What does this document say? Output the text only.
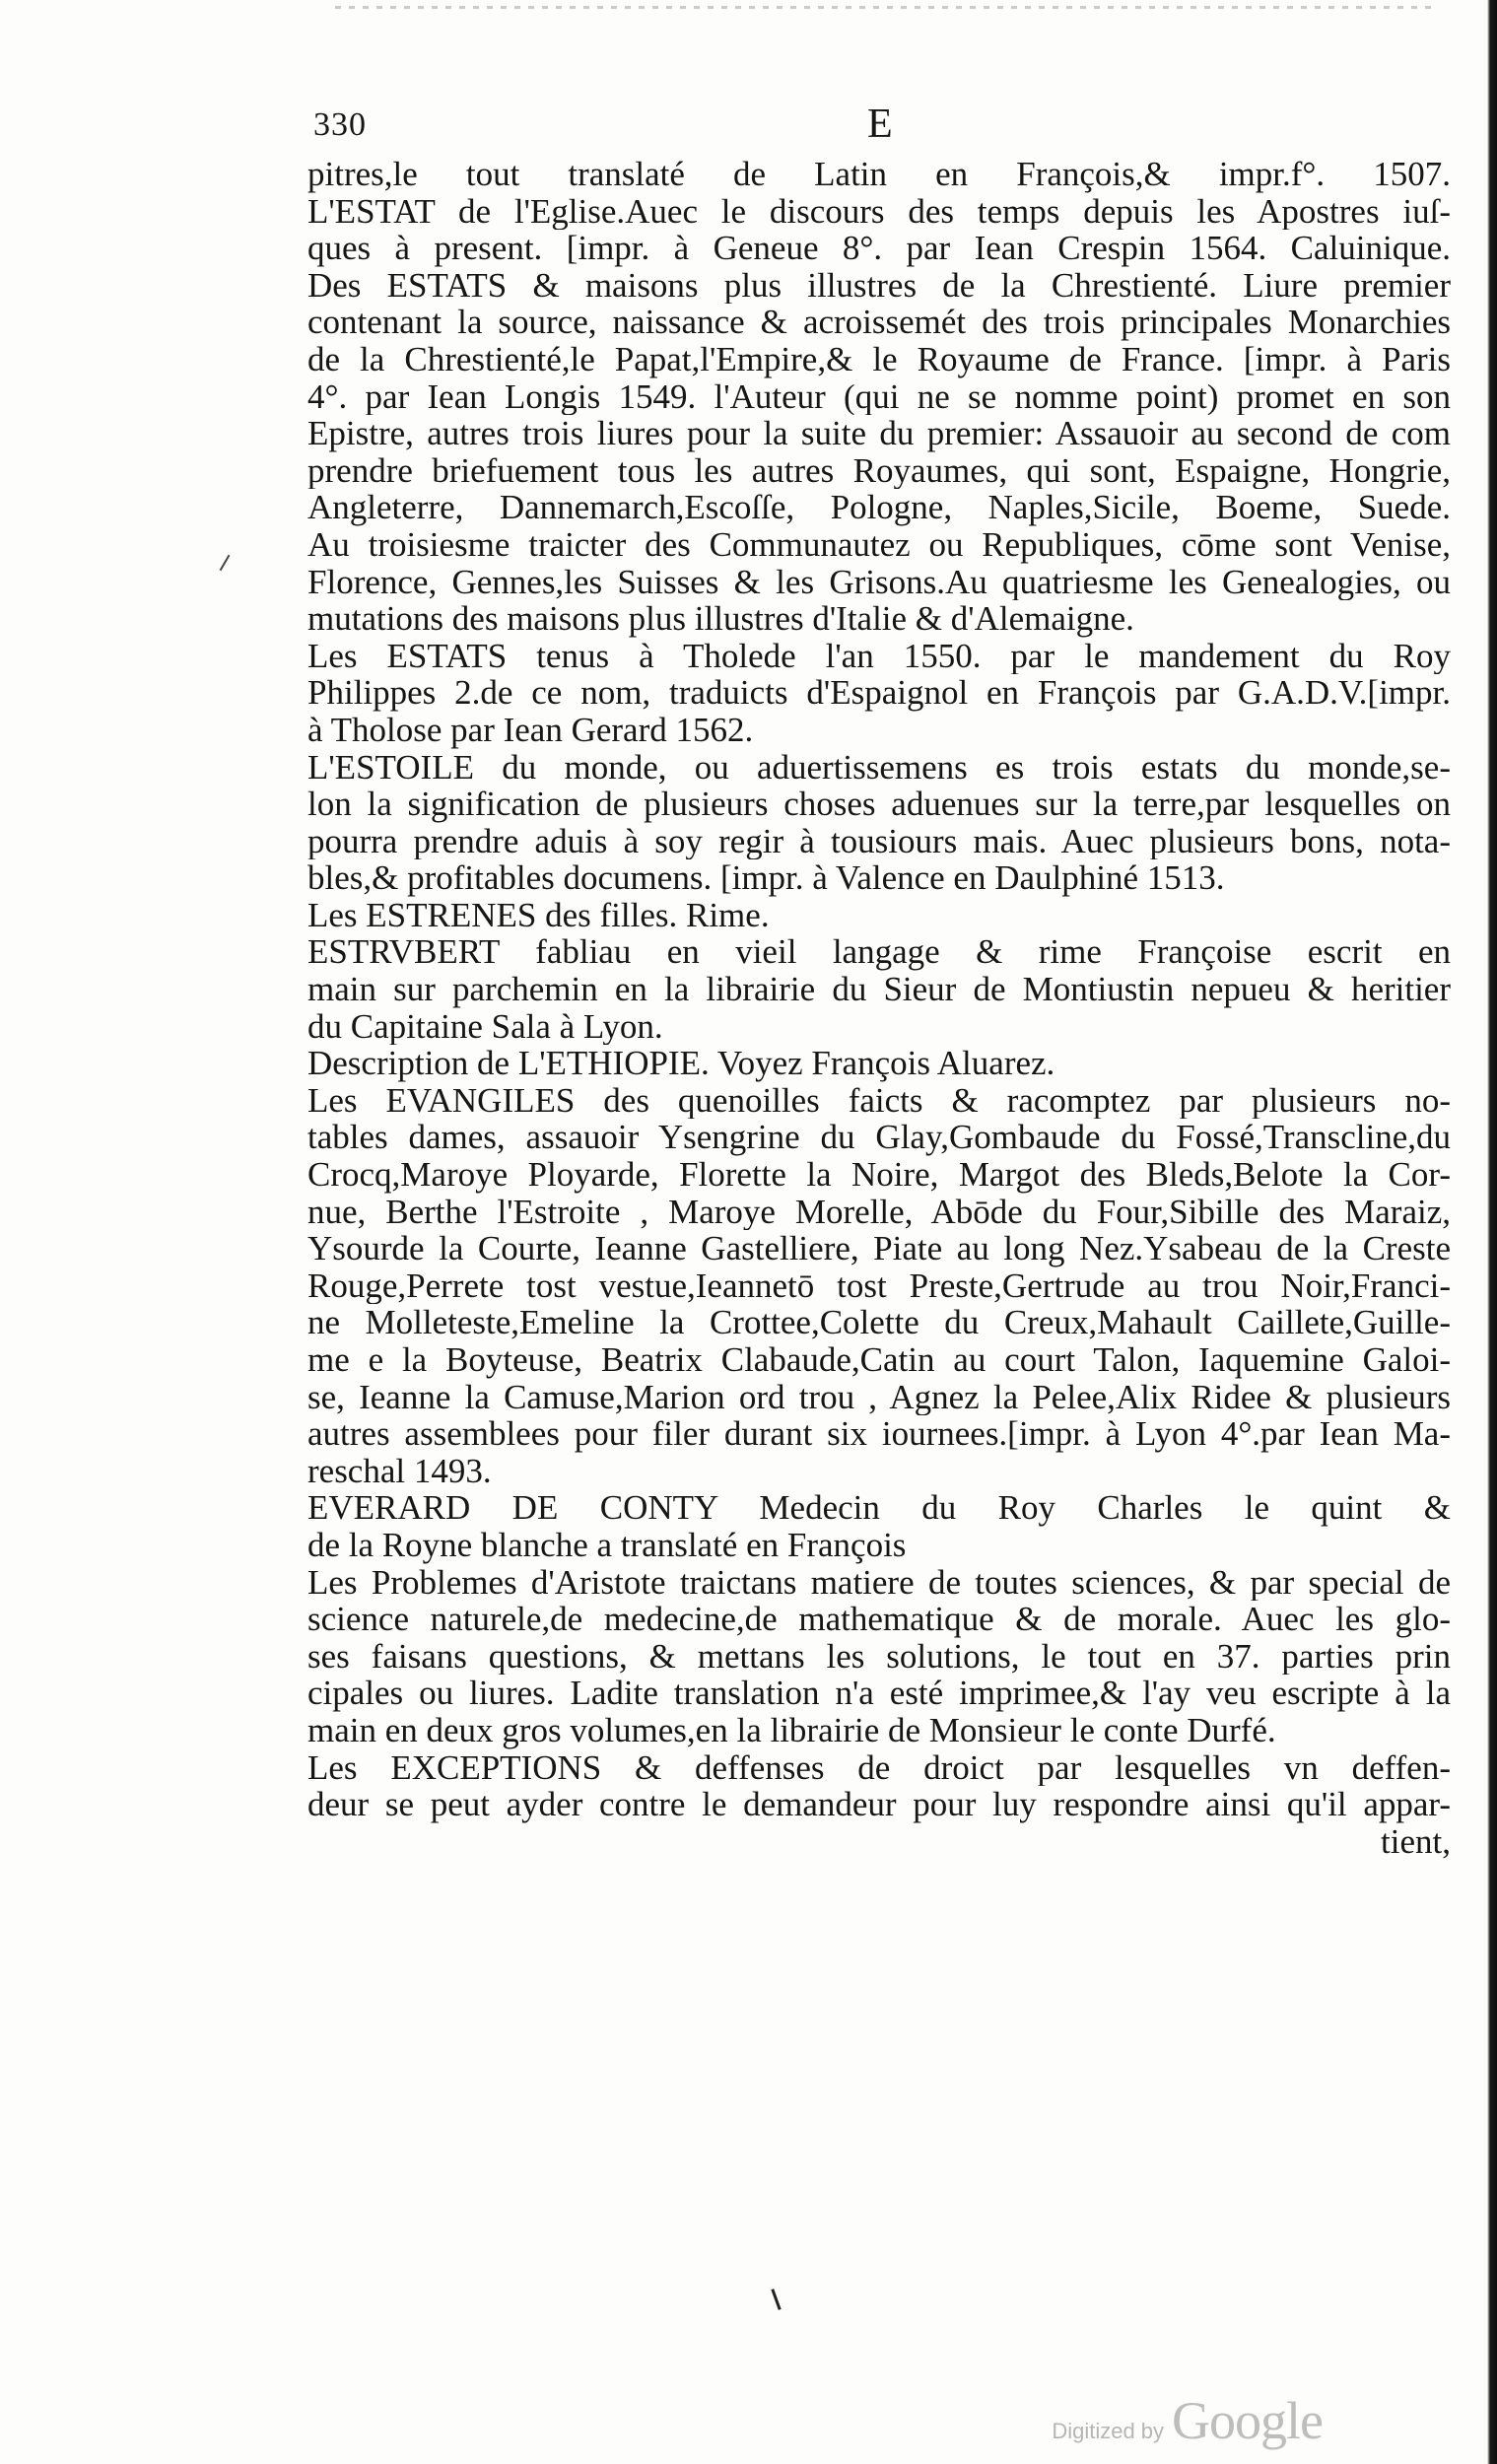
330	E
pitres,le tout translaté de Latin en François,& impr.f°. 1507.
L'ESTAT de l'Eglise.Auec le discours des temps depuis les Apostres iuſ-
ques à present. [impr. à Geneue 8°. par Iean Crespin 1564. Caluinique.
Des ESTATS & maisons plus illustres de la Chrestienté. Liure premier
contenant la source, naissance & acroissemét des trois principales Monarchies
de la Chrestienté,le Papat,l'Empire,& le Royaume de France. [impr. à Paris
4°. par Iean Longis 1549. l'Auteur (qui ne se nomme point) promet en son
Epistre, autres trois liures pour la suite du premier: Assauoir au second de com
prendre briefuement tous les autres Royaumes, qui sont, Espaigne, Hongrie,
Angleterre, Dannemarch,Escoſſe, Pologne, Naples,Sicile, Boeme, Suede.
Au troisiesme traicter des Communautez ou Republiques, cōme sont Venise,
Florence, Gennes,les Suisses & les Grisons.Au quatriesme les Genealogies, ou
mutations des maisons plus illustres d'Italie & d'Alemaigne.
Les ESTATS tenus à Tholede l'an 1550. par le mandement du Roy
Philippes 2.de ce nom, traduicts d'Espaignol en François par G.A.D.V.[impr.
à Tholose par Iean Gerard 1562.
L'ESTOILE du monde, ou aduertissemens es trois estats du monde,se-
lon la signification de plusieurs choses aduenues sur la terre,par lesquelles on
pourra prendre aduis à soy regir à tousiours mais. Auec plusieurs bons, nota-
bles,& profitables documens. [impr. à Valence en Daulphiné 1513.
Les ESTRENES des filles. Rime.
ESTRVBERT fabliau en vieil langage & rime Françoise escrit en
main sur parchemin en la librairie du Sieur de Montiustin nepueu & heritier
du Capitaine Sala à Lyon.
Description de L'ETHIOPIE. Voyez François Aluarez.
Les EVANGILES des quenoilles faicts & racomptez par plusieurs no-
tables dames, assauoir Ysengrine du Glay,Gombaude du Fossé,Transcline,du
Crocq,Maroye Ployarde, Florette la Noire, Margot des Bleds,Belote la Cor-
nue, Berthe l'Estroite , Maroye Morelle, Abōde du Four,Sibille des Maraiz,
Ysourde la Courte, Ieanne Gastelliere, Piate au long Nez.Ysabeau de la Creste
Rouge,Perrete tost vestue,Ieannetō tost Preste,Gertrude au trou Noir,Franci-
ne Molleteste,Emeline la Crottee,Colette du Creux,Mahault Caillete,Guille-
me e la Boyteuse, Beatrix Clabaude,Catin au court Talon, Iaquemine Galoi-
se, Ieanne la Camuse,Marion ord trou , Agnez la Pelee,Alix Ridee & plusieurs
autres assemblees pour filer durant six iournees.[impr. à Lyon 4°.par Iean Ma-
reschal 1493.
EVERARD DE CONTY Medecin du Roy Charles le quint &
de la Royne blanche a translaté en François
Les Problemes d'Aristote traictans matiere de toutes sciences, & par special de
science naturele,de medecine,de mathematique & de morale. Auec les glo-
ses faisans questions, & mettans les solutions, le tout en 37. parties prin
cipales ou liures. Ladite translation n'a esté imprimee,& l'ay veu escripte à la
main en deux gros volumes,en la librairie de Monsieur le conte Durfé.
Les EXCEPTIONS & deffenses de droict par lesquelles vn deffen-
deur se peut ayder contre le demandeur pour luy respondre ainsi qu'il appar-
tient,
Digitized by Google
